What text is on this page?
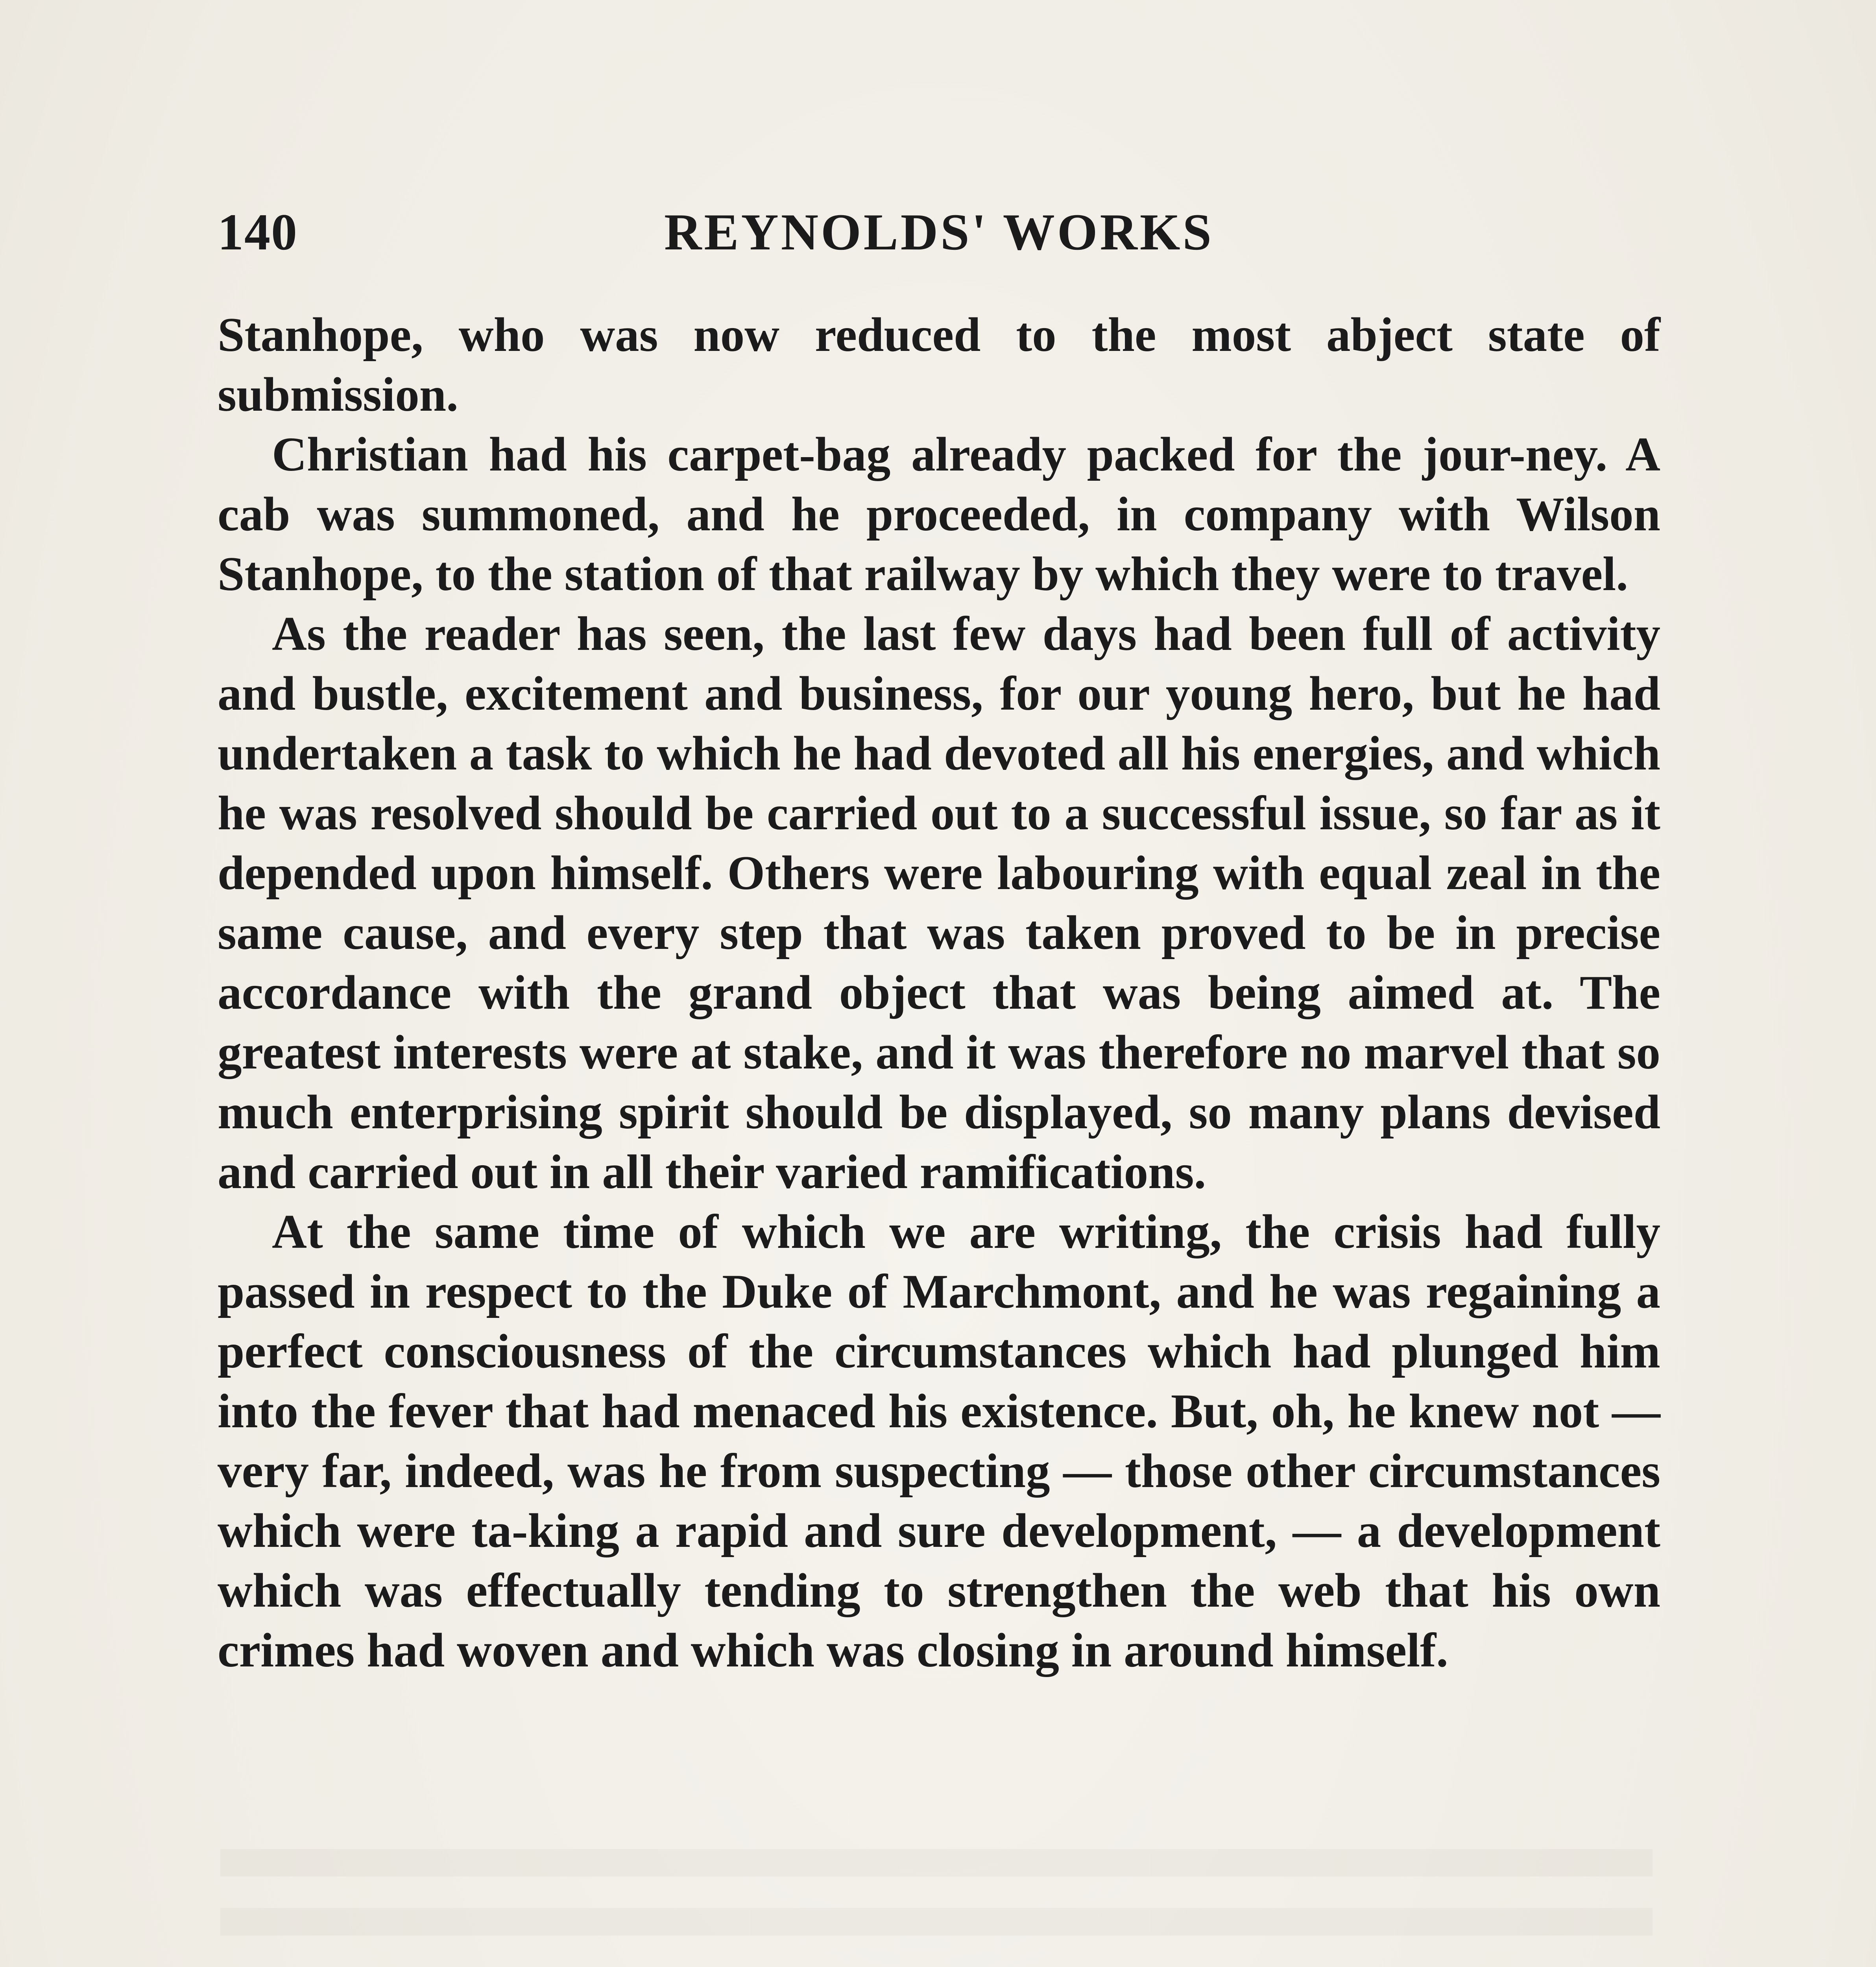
140	REYNOLDS' WORKS

Stanhope, who was now reduced to the most abject state of submission.

Christian had his carpet-bag already packed for the jour-ney. A cab was summoned, and he proceeded, in company with Wilson Stanhope, to the station of that railway by which they were to travel.

As the reader has seen, the last few days had been full of activity and bustle, excitement and business, for our young hero, but he had undertaken a task to which he had devoted all his energies, and which he was resolved should be carried out to a successful issue, so far as it depended upon himself. Others were labouring with equal zeal in the same cause, and every step that was taken proved to be in precise accordance with the grand object that was being aimed at. The greatest interests were at stake, and it was therefore no marvel that so much enterprising spirit should be displayed, so many plans devised and carried out in all their varied ramifications.

At the same time of which we are writing, the crisis had fully passed in respect to the Duke of Marchmont, and he was regaining a perfect consciousness of the circumstances which had plunged him into the fever that had menaced his existence. But, oh, he knew not — very far, indeed, was he from suspecting — those other circumstances which were ta-king a rapid and sure development, — a development which was effectually tending to strengthen the web that his own crimes had woven and which was closing in around himself.
